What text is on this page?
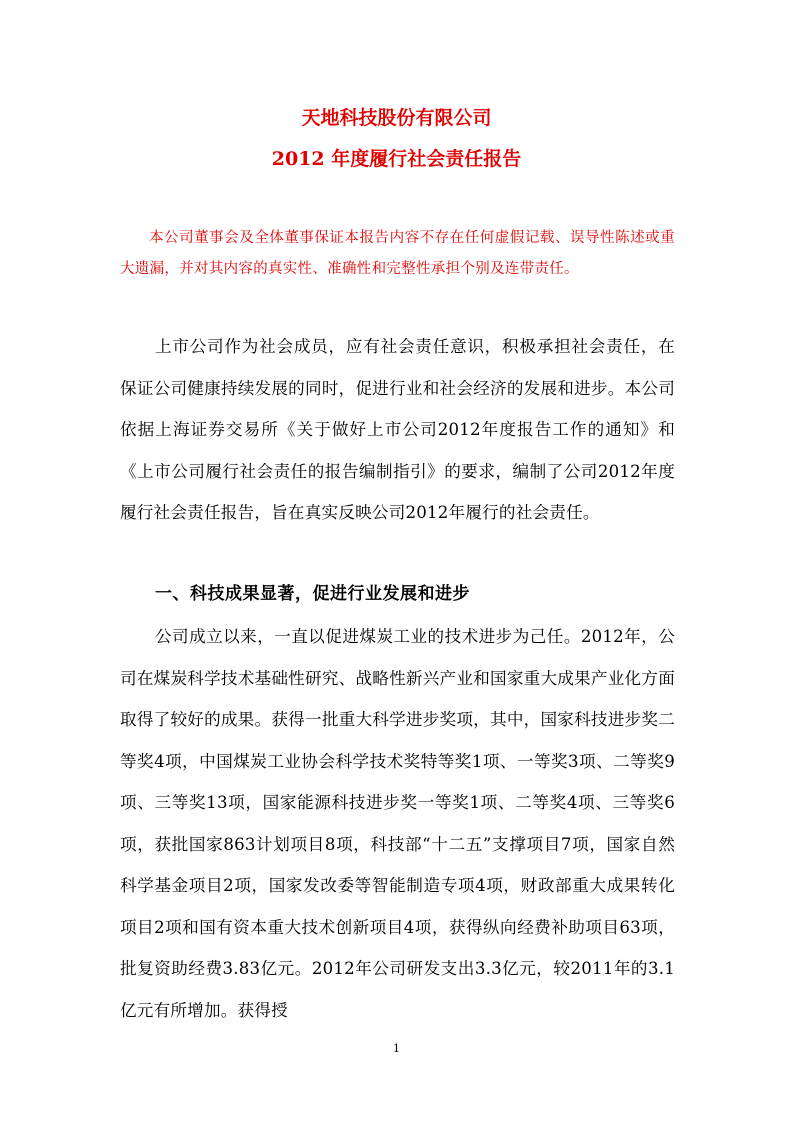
天地科技股份有限公司
2012 年度履行社会责任报告

本公司董事会及全体董事保证本报告内容不存在任何虚假记载、误导性陈述或重大遗漏，并对其内容的真实性、准确性和完整性承担个别及连带责任。

上市公司作为社会成员，应有社会责任意识，积极承担社会责任，在保证公司健康持续发展的同时，促进行业和社会经济的发展和进步。本公司依据上海证券交易所《关于做好上市公司2012年度报告工作的通知》和《上市公司履行社会责任的报告编制指引》的要求，编制了公司2012年度履行社会责任报告，旨在真实反映公司2012年履行的社会责任。

一、科技成果显著，促进行业发展和进步

公司成立以来，一直以促进煤炭工业的技术进步为己任。2012年，公司在煤炭科学技术基础性研究、战略性新兴产业和国家重大成果产业化方面取得了较好的成果。获得一批重大科学进步奖项，其中，国家科技进步奖二等奖4项，中国煤炭工业协会科学技术奖特等奖1项、一等奖3项、二等奖9项、三等奖13项，国家能源科技进步奖一等奖1项、二等奖4项、三等奖6项，获批国家863计划项目8项，科技部“十二五”支撑项目7项，国家自然科学基金项目2项，国家发改委等智能制造专项4项，财政部重大成果转化项目2项和国有资本重大技术创新项目4项，获得纵向经费补助项目63项，批复资助经费3.83亿元。2012年公司研发支出3.3亿元，较2011年的3.1亿元有所增加。获得授

1
